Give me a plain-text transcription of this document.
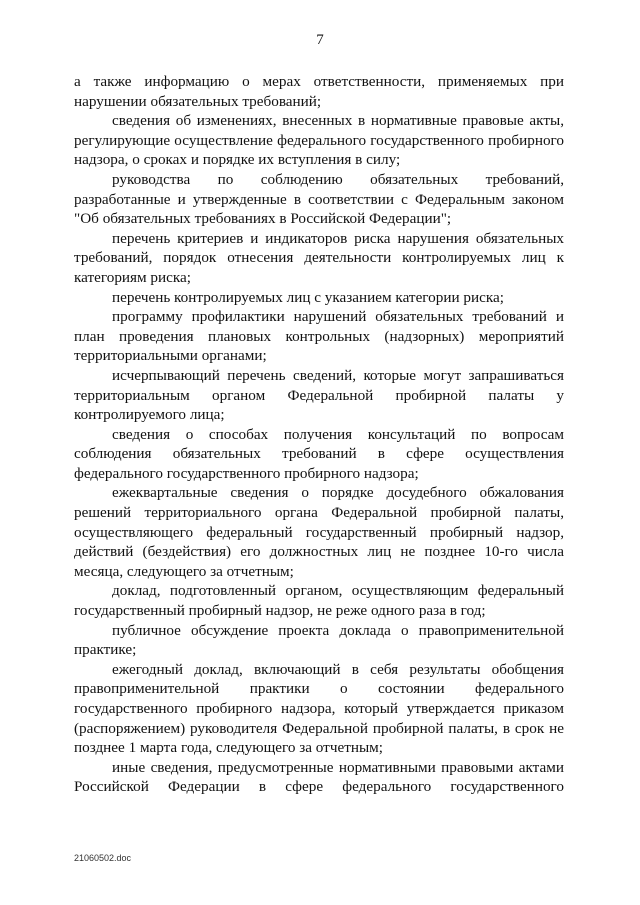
7

а также информацию о мерах ответственности, применяемых при нарушении обязательных требований;

сведения об изменениях, внесенных в нормативные правовые акты, регулирующие осуществление федерального государственного пробирного надзора, о сроках и порядке их вступления в силу;

руководства по соблюдению обязательных требований, разработанные и утвержденные в соответствии с Федеральным законом "Об обязательных требованиях в Российской Федерации";

перечень критериев и индикаторов риска нарушения обязательных требований, порядок отнесения деятельности контролируемых лиц к категориям риска;

перечень контролируемых лиц с указанием категории риска;

программу профилактики нарушений обязательных требований и план проведения плановых контрольных (надзорных) мероприятий территориальными органами;

исчерпывающий перечень сведений, которые могут запрашиваться территориальным органом Федеральной пробирной палаты у контролируемого лица;

сведения о способах получения консультаций по вопросам соблюдения обязательных требований в сфере осуществления федерального государственного пробирного надзора;

ежеквартальные сведения о порядке досудебного обжалования решений территориального органа Федеральной пробирной палаты, осуществляющего федеральный государственный пробирный надзор, действий (бездействия) его должностных лиц не позднее 10-го числа месяца, следующего за отчетным;

доклад, подготовленный органом, осуществляющим федеральный государственный пробирный надзор, не реже одного раза в год;

публичное обсуждение проекта доклада о правоприменительной практике;

ежегодный доклад, включающий в себя результаты обобщения правоприменительной практики о состоянии федерального государственного пробирного надзора, который утверждается приказом (распоряжением) руководителя Федеральной пробирной палаты, в срок не позднее 1 марта года, следующего за отчетным;

иные сведения, предусмотренные нормативными правовыми актами Российской Федерации в сфере федерального государственного

21060502.doc
